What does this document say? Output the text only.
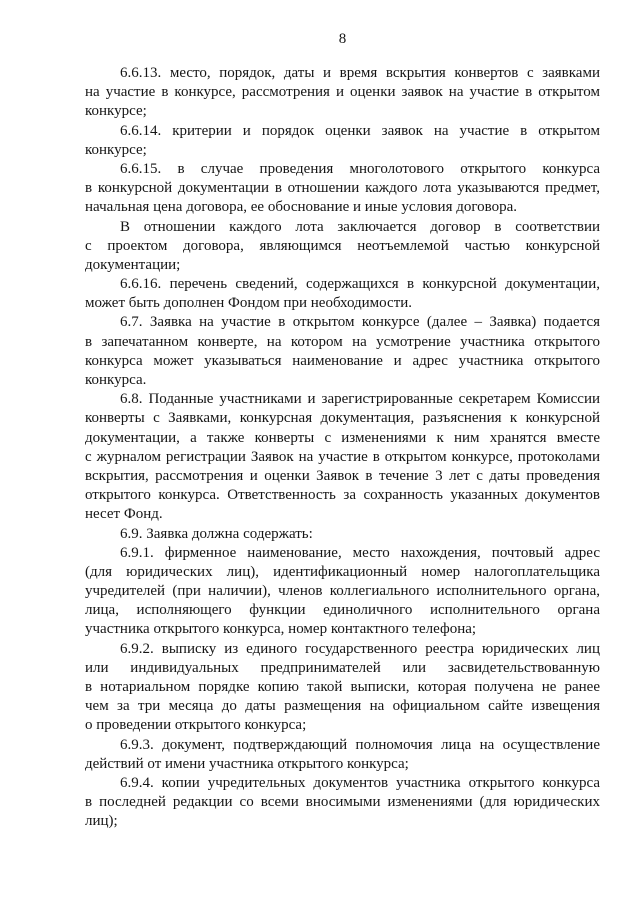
8
6.6.13. место, порядок, даты и время вскрытия конвертов с заявками
на участие в конкурсе, рассмотрения и оценки заявок на участие в открытом
конкурсе;
6.6.14. критерии и порядок оценки заявок на участие в открытом
конкурсе;
6.6.15. в случае проведения многолотового открытого конкурса
в конкурсной документации в отношении каждого лота указываются предмет,
начальная цена договора, ее обоснование и иные условия договора.
В отношении каждого лота заключается договор в соответствии
с проектом договора, являющимся неотъемлемой частью конкурсной
документации;
6.6.16. перечень сведений, содержащихся в конкурсной документации,
может быть дополнен Фондом при необходимости.
6.7. Заявка на участие в открытом конкурсе (далее – Заявка) подается
в запечатанном конверте, на котором на усмотрение участника открытого
конкурса может указываться наименование и адрес участника открытого
конкурса.
6.8. Поданные участниками и зарегистрированные секретарем Комиссии
конверты с Заявками, конкурсная документация, разъяснения к конкурсной
документации, а также конверты с изменениями к ним хранятся вместе
с журналом регистрации Заявок на участие в открытом конкурсе, протоколами
вскрытия, рассмотрения и оценки Заявок в течение 3 лет с даты проведения
открытого конкурса. Ответственность за сохранность указанных документов
несет Фонд.
6.9. Заявка должна содержать:
6.9.1. фирменное наименование, место нахождения, почтовый адрес
(для юридических лиц), идентификационный номер налогоплательщика
учредителей (при наличии), членов коллегиального исполнительного органа,
лица, исполняющего функции единоличного исполнительного органа
участника открытого конкурса, номер контактного телефона;
6.9.2. выписку из единого государственного реестра юридических лиц
или индивидуальных предпринимателей или засвидетельствованную
в нотариальном порядке копию такой выписки, которая получена не ранее
чем за три месяца до даты размещения на официальном сайте извещения
о проведении открытого конкурса;
6.9.3. документ, подтверждающий полномочия лица на осуществление
действий от имени участника открытого конкурса;
6.9.4. копии учредительных документов участника открытого конкурса
в последней редакции со всеми вносимыми изменениями (для юридических
лиц);
